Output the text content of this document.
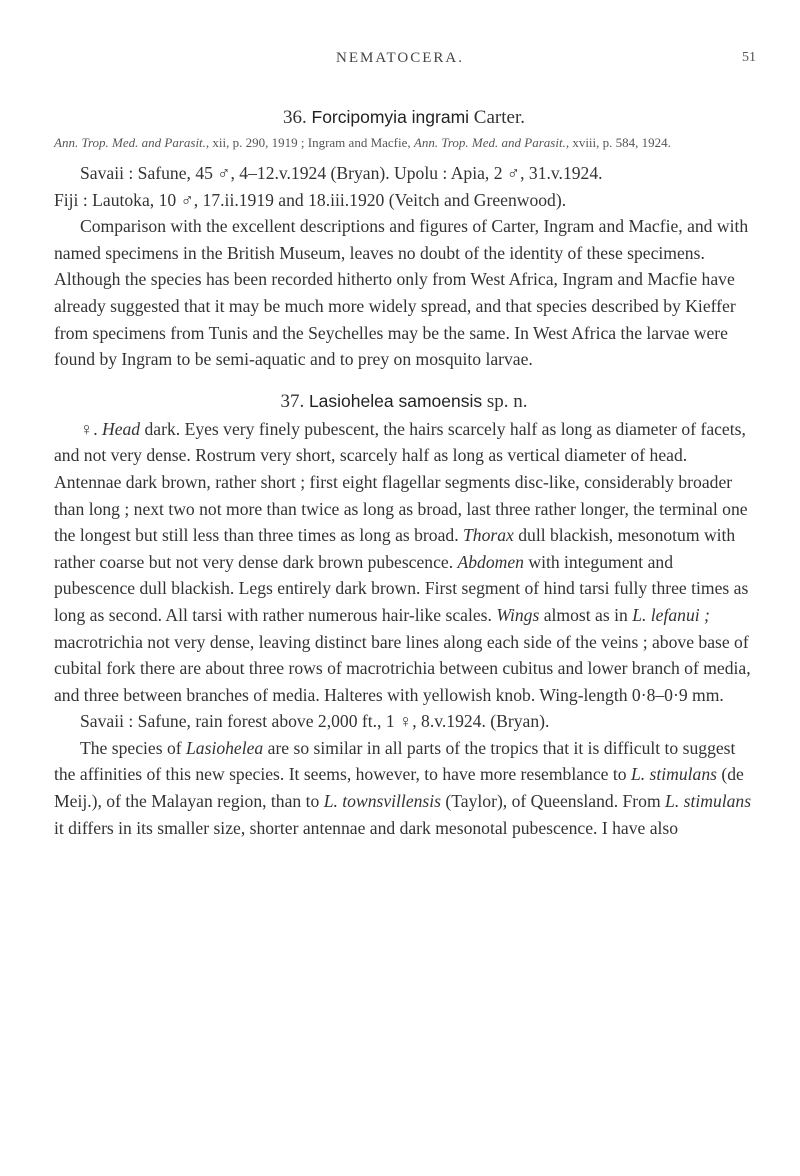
NEMATOCERA.	51

36. Forcipomyia ingrami Carter.

Ann. Trop. Med. and Parasit., xii, p. 290, 1919 ; Ingram and Macfie, Ann. Trop. Med. and Parasit., xviii, p. 584, 1924.

Savaii : Safune, 45 ♂, 4–12.v.1924 (Bryan). Upolu : Apia, 2 ♂, 31.v.1924.

Fiji : Lautoka, 10 ♂, 17.ii.1919 and 18.iii.1920 (Veitch and Greenwood).

Comparison with the excellent descriptions and figures of Carter, Ingram and Macfie, and with named specimens in the British Museum, leaves no doubt of the identity of these specimens. Although the species has been recorded hitherto only from West Africa, Ingram and Macfie have already suggested that it may be much more widely spread, and that species described by Kieffer from specimens from Tunis and the Seychelles may be the same. In West Africa the larvae were found by Ingram to be semi-aquatic and to prey on mosquito larvae.

37. Lasiohelea samoensis sp. n.

♀. Head dark. Eyes very finely pubescent, the hairs scarcely half as long as diameter of facets, and not very dense. Rostrum very short, scarcely half as long as vertical diameter of head. Antennae dark brown, rather short ; first eight flagellar segments disc-like, considerably broader than long ; next two not more than twice as long as broad, last three rather longer, the terminal one the longest but still less than three times as long as broad. Thorax dull blackish, mesonotum with rather coarse but not very dense dark brown pubescence. Abdomen with integument and pubescence dull blackish. Legs entirely dark brown. First segment of hind tarsi fully three times as long as second. All tarsi with rather numerous hair-like scales. Wings almost as in L. lefanui ; macrotrichia not very dense, leaving distinct bare lines along each side of the veins ; above base of cubital fork there are about three rows of macrotrichia between cubitus and lower branch of media, and three between branches of media. Halteres with yellowish knob. Wing-length 0·8–0·9 mm.

Savaii : Safune, rain forest above 2,000 ft., 1 ♀, 8.v.1924. (Bryan).

The species of Lasiohelea are so similar in all parts of the tropics that it is difficult to suggest the affinities of this new species. It seems, however, to have more resemblance to L. stimulans (de Meij.), of the Malayan region, than to L. townsvillensis (Taylor), of Queensland. From L. stimulans it differs in its smaller size, shorter antennae and dark mesonotal pubescence. I have also
